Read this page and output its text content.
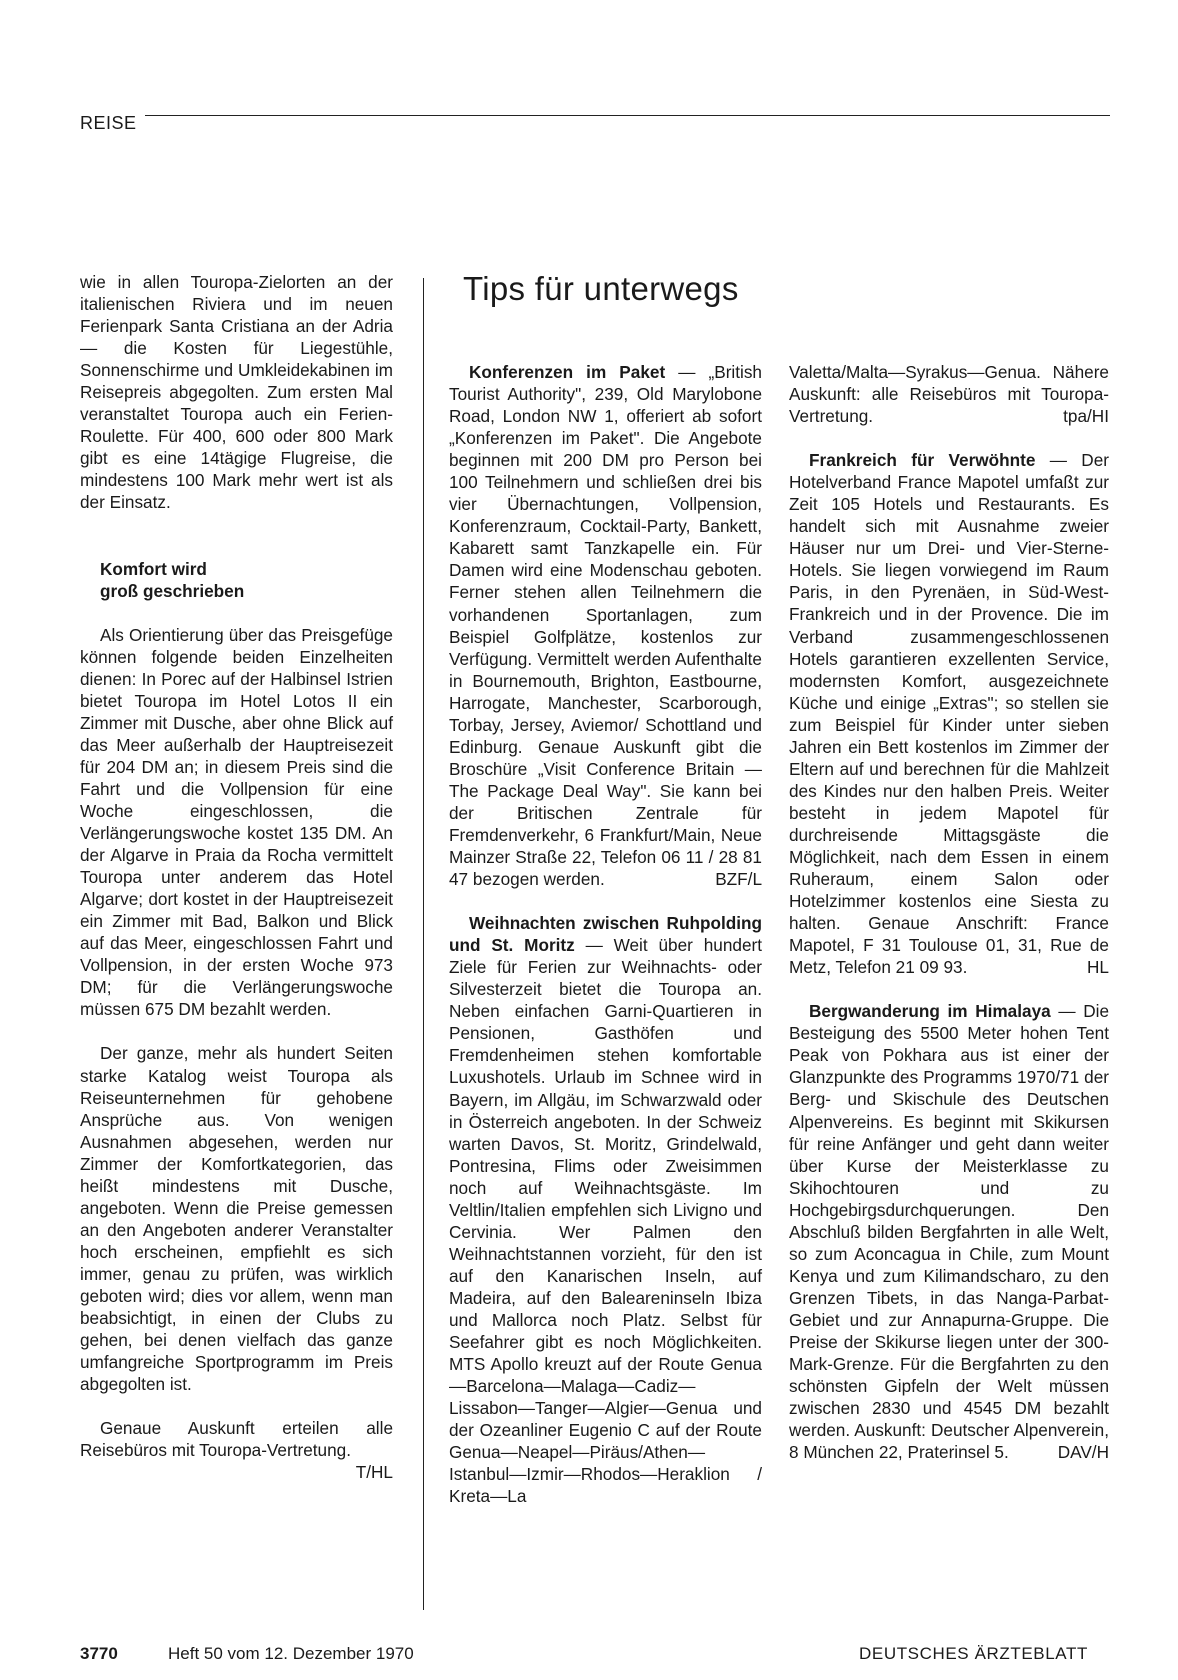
REISE
Tips für unterwegs

wie in allen Touropa-Zielorten an der italienischen Riviera und im neuen Ferienpark Santa Cristiana an der Adria — die Kosten für Liegestühle, Sonnenschirme und Umkleidekabinen im Reisepreis abgegolten. Zum ersten Mal veranstaltet Touropa auch ein Ferien-Roulette. Für 400, 600 oder 800 Mark gibt es eine 14tägige Flugreise, die mindestens 100 Mark mehr wert ist als der Einsatz.

Komfort wird

groß geschrieben

Als Orientierung über das Preisgefüge können folgende beiden Einzelheiten dienen: In Porec auf der Halbinsel Istrien bietet Touropa im Hotel Lotos II ein Zimmer mit Dusche, aber ohne Blick auf das Meer außerhalb der Hauptreisezeit für 204 DM an; in diesem Preis sind die Fahrt und die Vollpension für eine Woche eingeschlossen, die Verlängerungswoche kostet 135 DM. An der Algarve in Praia da Rocha vermittelt Touropa unter anderem das Hotel Algarve; dort kostet in der Hauptreisezeit ein Zimmer mit Bad, Balkon und Blick auf das Meer, eingeschlossen Fahrt und Vollpension, in der ersten Woche 973 DM; für die Verlängerungswoche müssen 675 DM bezahlt werden.

Der ganze, mehr als hundert Seiten starke Katalog weist Touropa als Reiseunternehmen für gehobene Ansprüche aus. Von wenigen Ausnahmen abgesehen, werden nur Zimmer der Komfortkategorien, das heißt mindestens mit Dusche, angeboten. Wenn die Preise gemessen an den Angeboten anderer Veranstalter hoch erscheinen, empfiehlt es sich immer, genau zu prüfen, was wirklich geboten wird; dies vor allem, wenn man beabsichtigt, in einen der Clubs zu gehen, bei denen vielfach das ganze umfangreiche Sportprogramm im Preis abgegolten ist.

Genaue Auskunft erteilen alle Reisebüros mit Touropa-Vertretung.
T/HL

Konferenzen im Paket — „British Tourist Authority", 239, Old Marylobone Road, London NW 1, offeriert ab sofort „Konferenzen im Paket". Die Angebote beginnen mit 200 DM pro Person bei 100 Teilnehmern und schließen drei bis vier Übernachtungen, Vollpension, Konferenzraum, Cocktail-Party, Bankett, Kabarett samt Tanzkapelle ein. Für Damen wird eine Modenschau geboten. Ferner stehen allen Teilnehmern die vorhandenen Sportanlagen, zum Beispiel Golfplätze, kostenlos zur Verfügung. Vermittelt werden Aufenthalte in Bournemouth, Brighton, Eastbourne, Harrogate, Manchester, Scarborough, Torbay, Jersey, Aviemor/ Schottland und Edinburg. Genaue Auskunft gibt die Broschüre „Visit Conference Britain — The Package Deal Way". Sie kann bei der Britischen Zentrale für Fremdenverkehr, 6 Frankfurt/Main, Neue Mainzer Straße 22, Telefon 06 11 / 28 81 47 bezogen werden.	BZF/L

Weihnachten zwischen Ruhpolding und St. Moritz — Weit über hundert Ziele für Ferien zur Weihnachts- oder Silvesterzeit bietet die Touropa an. Neben einfachen Garni-Quartieren in Pensionen, Gasthöfen und Fremdenheimen stehen komfortable Luxushotels. Urlaub im Schnee wird in Bayern, im Allgäu, im Schwarzwald oder in Österreich angeboten. In der Schweiz warten Davos, St. Moritz, Grindelwald, Pontresina, Flims oder Zweisimmen noch auf Weihnachtsgäste. Im Veltlin/Italien empfehlen sich Livigno und Cervinia. Wer Palmen den Weihnachtstannen vorzieht, für den ist auf den Kanarischen Inseln, auf Madeira, auf den Baleareninseln Ibiza und Mallorca noch Platz. Selbst für Seefahrer gibt es noch Möglichkeiten. MTS Apollo kreuzt auf der Route Genua—Barcelona—Malaga—Cadiz—Lissabon—Tanger—Algier—Genua und der Ozeanliner Eugenio C auf der Route Genua—Neapel—Piräus/Athen—Istanbul—Izmir—Rhodos—Heraklion / Kreta—La

Valetta/Malta—Syrakus—Genua. Nähere Auskunft: alle Reisebüros mit Touropa-Vertretung.	tpa/HI

Frankreich für Verwöhnte — Der Hotelverband France Mapotel umfaßt zur Zeit 105 Hotels und Restaurants. Es handelt sich mit Ausnahme zweier Häuser nur um Drei- und Vier-Sterne-Hotels. Sie liegen vorwiegend im Raum Paris, in den Pyrenäen, in Süd-West-Frankreich und in der Provence. Die im Verband zusammengeschlossenen Hotels garantieren exzellenten Service, modernsten Komfort, ausgezeichnete Küche und einige „Extras"; so stellen sie zum Beispiel für Kinder unter sieben Jahren ein Bett kostenlos im Zimmer der Eltern auf und berechnen für die Mahlzeit des Kindes nur den halben Preis. Weiter besteht in jedem Mapotel für durchreisende Mittagsgäste die Möglichkeit, nach dem Essen in einem Ruheraum, einem Salon oder Hotelzimmer kostenlos eine Siesta zu halten. Genaue Anschrift: France Mapotel, F 31 Toulouse 01, 31, Rue de Metz, Telefon 21 09 93.	HL

Bergwanderung im Himalaya — Die Besteigung des 5500 Meter hohen Tent Peak von Pokhara aus ist einer der Glanzpunkte des Programms 1970/71 der Berg- und Skischule des Deutschen Alpenvereins. Es beginnt mit Skikursen für reine Anfänger und geht dann weiter über Kurse der Meisterklasse zu Skihochtouren und zu Hochgebirgsdurchquerungen. Den Abschluß bilden Bergfahrten in alle Welt, so zum Aconcagua in Chile, zum Mount Kenya und zum Kilimandscharo, zu den Grenzen Tibets, in das Nanga-Parbat-Gebiet und zur Annapurna-Gruppe. Die Preise der Skikurse liegen unter der 300-Mark-Grenze. Für die Bergfahrten zu den schönsten Gipfeln der Welt müssen zwischen 2830 und 4545 DM bezahlt werden. Auskunft: Deutscher Alpenverein, 8 München 22, Praterinsel 5.	DAV/H

3770	Heft 50 vom 12. Dezember 1970	DEUTSCHES ÄRZTEBLATT
